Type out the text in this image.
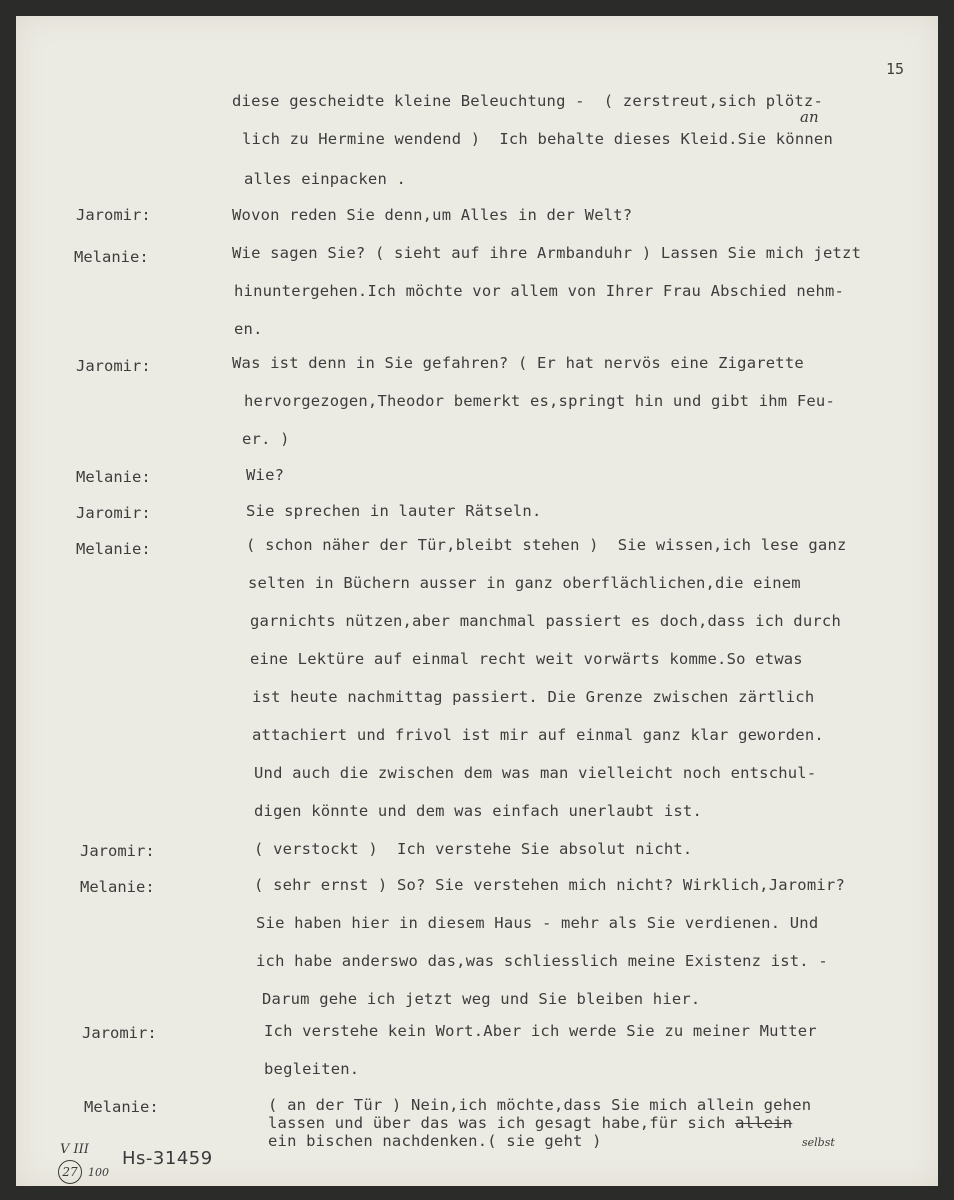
15
Jaromir:
Melanie:
Jaromir:
Melanie:
Jaromir:
Melanie:
Jaromir:
Melanie:
Jaromir:
Melanie:
diese gescheidte kleine Beleuchtung -  ( zerstreut,sich plötz-
lich zu Hermine wendend )  Ich behalte dieses Kleid.Sie können
alles einpacken .
Wovon reden Sie denn,um Alles in der Welt?
Wie sagen Sie? ( sieht auf ihre Armbanduhr ) Lassen Sie mich jetzt
hinuntergehen.Ich möchte vor allem von Ihrer Frau Abschied nehm-
en.
Was ist denn in Sie gefahren? ( Er hat nervös eine Zigarette
hervorgezogen,Theodor bemerkt es,springt hin und gibt ihm Feu-
er. )
Wie?
Sie sprechen in lauter Rätseln.
( schon näher der Tür,bleibt stehen )  Sie wissen,ich lese ganz
selten in Büchern ausser in ganz oberflächlichen,die einem
garnichts nützen,aber manchmal passiert es doch,dass ich durch
eine Lektüre auf einmal recht weit vorwärts komme.So etwas
ist heute nachmittag passiert. Die Grenze zwischen zärtlich
attachiert und frivol ist mir auf einmal ganz klar geworden.
Und auch die zwischen dem was man vielleicht noch entschul-
digen könnte und dem was einfach unerlaubt ist.
( verstockt )  Ich verstehe Sie absolut nicht.
( sehr ernst ) So? Sie verstehen mich nicht? Wirklich,Jaromir?
Sie haben hier in diesem Haus - mehr als Sie verdienen. Und
ich habe anderswo das,was schliesslich meine Existenz ist. -
Darum gehe ich jetzt weg und Sie bleiben hier.
Ich verstehe kein Wort.Aber ich werde Sie zu meiner Mutter
begleiten.
( an der Tür ) Nein,ich möchte,dass Sie mich allein gehen
lassen und über das was ich gesagt habe,für sich allein
ein bischen nachdenken.( sie geht )
an
selbst
V III
27 100
Hs-31459
